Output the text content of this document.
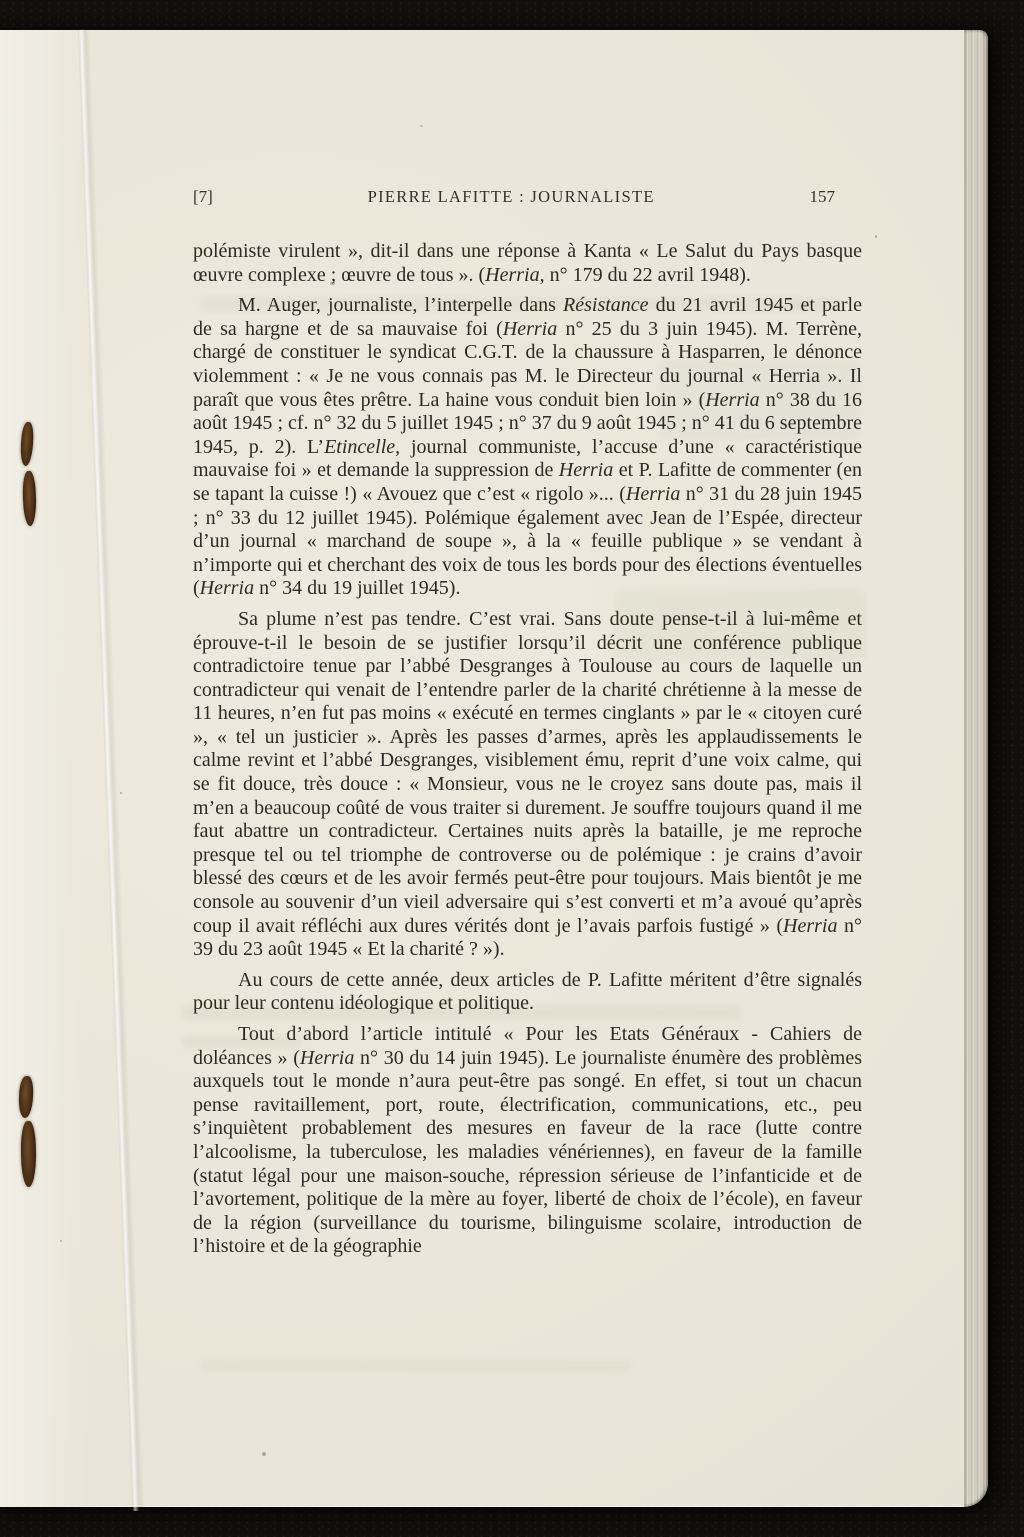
[7]	PIERRE LAFITTE : JOURNALISTE	157

polémiste virulent », dit-il dans une réponse à Kanta « Le Salut du Pays basque œuvre complexe ; œuvre de tous ». (Herria, n° 179 du 22 avril 1948).

M. Auger, journaliste, l’interpelle dans Résistance du 21 avril 1945 et parle de sa hargne et de sa mauvaise foi (Herria n° 25 du 3 juin 1945). M. Terrène, chargé de constituer le syndicat C.G.T. de la chaussure à Hasparren, le dénonce violemment : « Je ne vous connais pas M. le Directeur du journal « Herria ». Il paraît que vous êtes prêtre. La haine vous conduit bien loin » (Herria n° 38 du 16 août 1945 ; cf. n° 32 du 5 juillet 1945 ; n° 37 du 9 août 1945 ; n° 41 du 6 septembre 1945, p. 2). L’Etincelle, journal communiste, l’accuse d’une « caractéristique mauvaise foi » et demande la suppression de Herria et P. Lafitte de commenter (en se tapant la cuisse !) « Avouez que c’est « rigolo »... (Herria n° 31 du 28 juin 1945 ; n° 33 du 12 juillet 1945). Polémique également avec Jean de l’Espée, directeur d’un journal « marchand de soupe », à la « feuille publique » se vendant à n’importe qui et cherchant des voix de tous les bords pour des élections éventuelles (Herria n° 34 du 19 juillet 1945).

Sa plume n’est pas tendre. C’est vrai. Sans doute pense-t-il à lui-même et éprouve-t-il le besoin de se justifier lorsqu’il décrit une conférence publique contradictoire tenue par l’abbé Desgranges à Toulouse au cours de laquelle un contradicteur qui venait de l’entendre parler de la charité chrétienne à la messe de 11 heures, n’en fut pas moins « exécuté en termes cinglants » par le « citoyen curé », « tel un justicier ». Après les passes d’armes, après les applaudissements le calme revint et l’abbé Desgranges, visiblement ému, reprit d’une voix calme, qui se fit douce, très douce : « Monsieur, vous ne le croyez sans doute pas, mais il m’en a beaucoup coûté de vous traiter si durement. Je souffre toujours quand il me faut abattre un contradicteur. Certaines nuits après la bataille, je me reproche presque tel ou tel triomphe de controverse ou de polémique : je crains d’avoir blessé des cœurs et de les avoir fermés peut-être pour toujours. Mais bientôt je me console au souvenir d’un vieil adversaire qui s’est converti et m’a avoué qu’après coup il avait réfléchi aux dures vérités dont je l’avais parfois fustigé » (Herria n° 39 du 23 août 1945 « Et la charité ? »).

Au cours de cette année, deux articles de P. Lafitte méritent d’être signalés pour leur contenu idéologique et politique.

Tout d’abord l’article intitulé « Pour les Etats Généraux - Cahiers de doléances » (Herria n° 30 du 14 juin 1945). Le journaliste énumère des problèmes auxquels tout le monde n’aura peut-être pas songé. En effet, si tout un chacun pense ravitaillement, port, route, électrification, communications, etc., peu s’inquiètent probablement des mesures en faveur de la race (lutte contre l’alcoolisme, la tuberculose, les maladies vénériennes), en faveur de la famille (statut légal pour une maison-souche, répression sérieuse de l’infanticide et de l’avortement, politique de la mère au foyer, liberté de choix de l’école), en faveur de la région (surveillance du tourisme, bilinguisme scolaire, introduction de l’histoire et de la géographie
